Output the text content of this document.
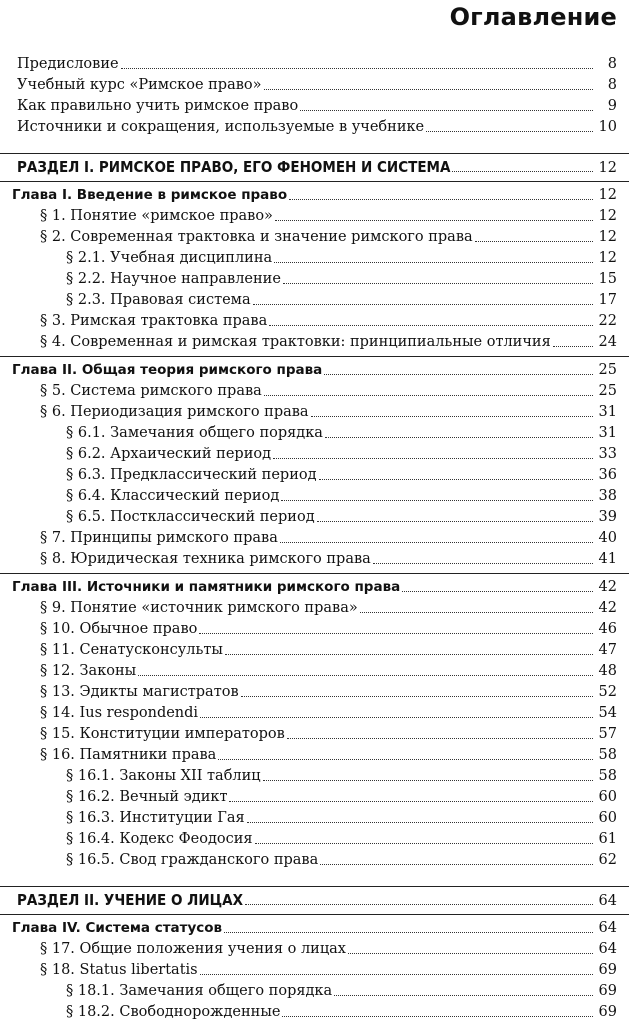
Оглавление
Предисловие	8
Учебный курс «Римское право»	8
Как правильно учить римское право	9
Источники и сокращения, используемые в учебнике	10
РАЗДЕЛ I. РИМСКОЕ ПРАВО, ЕГО ФЕНОМЕН И СИСТЕМА	12
Глава I. Введение в римское право	12
§ 1. Понятие «римское право»	12
§ 2. Современная трактовка и значение римского права	12
§ 2.1. Учебная дисциплина	12
§ 2.2. Научное направление	15
§ 2.3. Правовая система	17
§ 3. Римская трактовка права	22
§ 4. Современная и римская трактовки: принципиальные отличия	24
Глава II. Общая теория римского права	25
§ 5. Система римского права	25
§ 6. Периодизация римского права	31
§ 6.1. Замечания общего порядка	31
§ 6.2. Архаический период	33
§ 6.3. Предклассический период	36
§ 6.4. Классический период	38
§ 6.5. Постклассический период	39
§ 7. Принципы римского права	40
§ 8. Юридическая техника римского права	41
Глава III. Источники и памятники римского права	42
§ 9. Понятие «источник римского права»	42
§ 10. Обычное право	46
§ 11. Сенатусконсульты	47
§ 12. Законы	48
§ 13. Эдикты магистратов	52
§ 14. Ius respondendi	54
§ 15. Конституции императоров	57
§ 16. Памятники права	58
§ 16.1. Законы XII таблиц	58
§ 16.2. Вечный эдикт	60
§ 16.3. Институции Гая	60
§ 16.4. Кодекс Феодосия	61
§ 16.5. Свод гражданского права	62
РАЗДЕЛ II. УЧЕНИЕ О ЛИЦАХ	64
Глава IV. Система статусов	64
§ 17. Общие положения учения о лицах	64
§ 18. Status libertatis	69
§ 18.1. Замечания общего порядка	69
§ 18.2. Свободнорожденные	69
